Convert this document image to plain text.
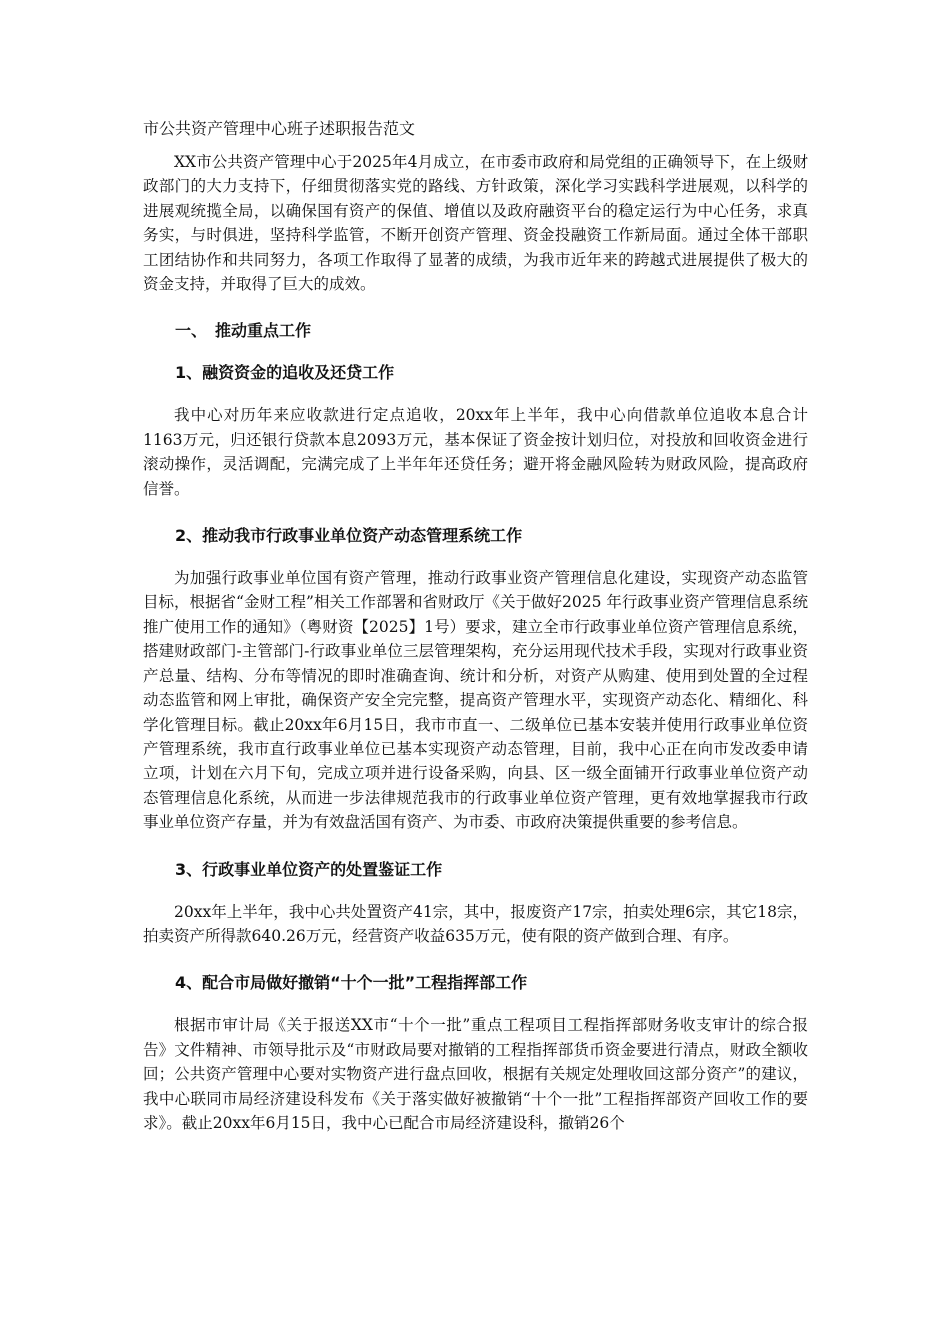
市公共资产管理中心班子述职报告范文

XX市公共资产管理中心于2025年4月成立，在市委市政府和局党组的正确领导下，在上级财政部门的大力支持下，仔细贯彻落实党的路线、方针政策，深化学习实践科学进展观，以科学的进展观统揽全局，以确保国有资产的保值、增值以及政府融资平台的稳定运行为中心任务，求真务实，与时俱进，坚持科学监管，不断开创资产管理、资金投融资工作新局面。通过全体干部职工团结协作和共同努力，各项工作取得了显著的成绩，为我市近年来的跨越式进展提供了极大的资金支持，并取得了巨大的成效。

一、　推动重点工作
1、融资资金的追收及还贷工作

我中心对历年来应收款进行定点追收，20xx年上半年，我中心向借款单位追收本息合计1163万元，归还银行贷款本息2093万元，基本保证了资金按计划归位，对投放和回收资金进行滚动操作，灵活调配，完满完成了上半年年还贷任务；避开将金融风险转为财政风险，提高政府信誉。

2、推动我市行政事业单位资产动态管理系统工作

为加强行政事业单位国有资产管理，推动行政事业资产管理信息化建设，实现资产动态监管目标，根据省“金财工程”相关工作部署和省财政厅《关于做好2025 年行政事业资产管理信息系统推广使用工作的通知》（粤财资【2025】1号）要求，建立全市行政事业单位资产管理信息系统，搭建财政部门-主管部门-行政事业单位三层管理架构，充分运用现代技术手段，实现对行政事业资产总量、结构、分布等情况的即时准确查询、统计和分析，对资产从购建、使用到处置的全过程动态监管和网上审批，确保资产安全完完整，提高资产管理水平，实现资产动态化、精细化、科学化管理目标。截止20xx年6月15日，我市市直一、二级单位已基本安装并使用行政事业单位资产管理系统，我市直行政事业单位已基本实现资产动态管理，目前，我中心正在向市发改委申请立项，计划在六月下旬，完成立项并进行设备采购，向县、区一级全面铺开行政事业单位资产动态管理信息化系统，从而进一步法律规范我市的行政事业单位资产管理，更有效地掌握我市行政事业单位资产存量，并为有效盘活国有资产、为市委、市政府决策提供重要的参考信息。

3、行政事业单位资产的处置鉴证工作

20xx年上半年，我中心共处置资产41宗，其中，报废资产17宗，拍卖处理6宗，其它18宗，拍卖资产所得款640.26万元，经营资产收益635万元，使有限的资产做到合理、有序。

4、配合市局做好撤销“十个一批”工程指挥部工作

根据市审计局《关于报送XX市“十个一批”重点工程项目工程指挥部财务收支审计的综合报告》文件精神、市领导批示及“市财政局要对撤销的工程指挥部货币资金要进行清点，财政全额收回；公共资产管理中心要对实物资产进行盘点回收，根据有关规定处理收回这部分资产”的建议，我中心联同市局经济建设科发布《关于落实做好被撤销“十个一批”工程指挥部资产回收工作的要求》。截止20xx年6月15日，我中心已配合市局经济建设科，撤销26个
